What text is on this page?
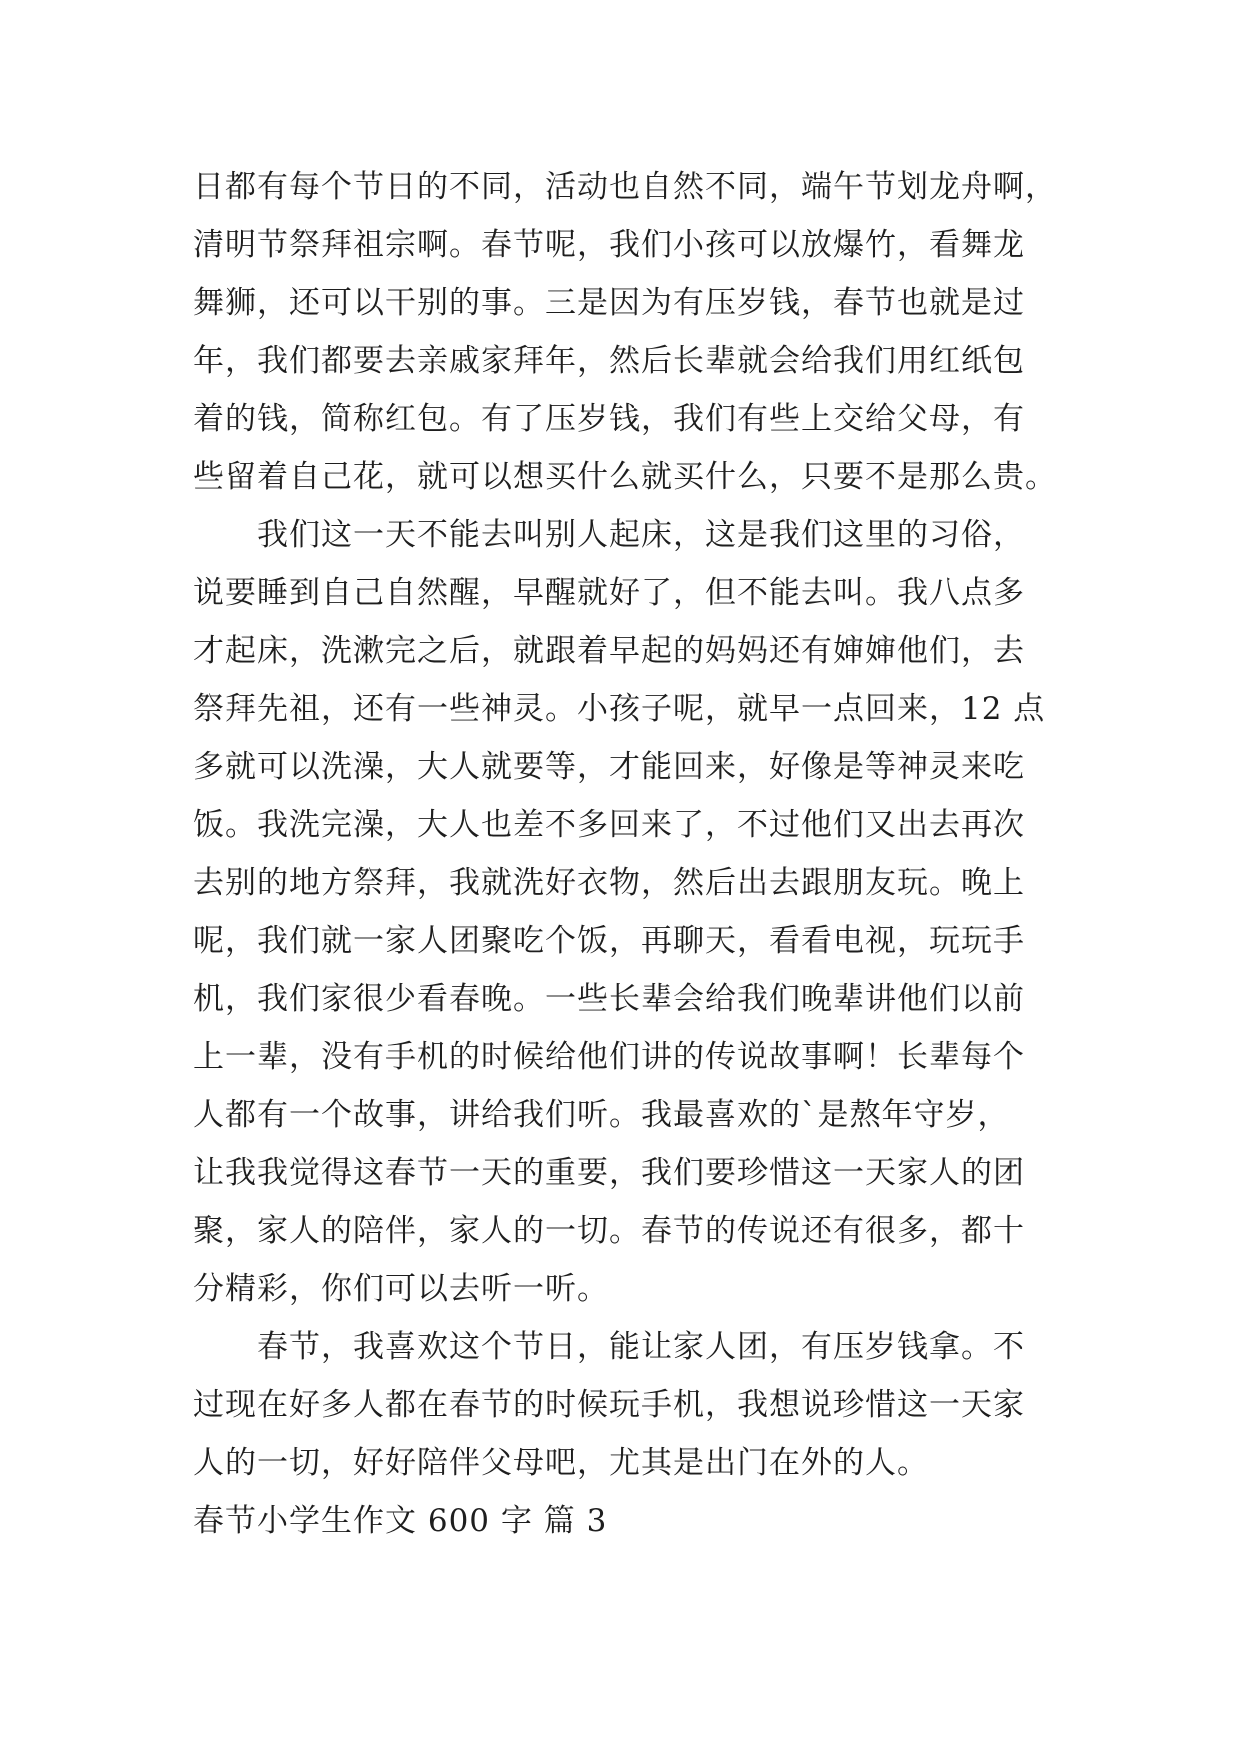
日都有每个节日的不同，活动也自然不同，端午节划龙舟啊，
清明节祭拜祖宗啊。春节呢，我们小孩可以放爆竹，看舞龙
舞狮，还可以干别的事。三是因为有压岁钱，春节也就是过
年，我们都要去亲戚家拜年，然后长辈就会给我们用红纸包
着的钱，简称红包。有了压岁钱，我们有些上交给父母，有
些留着自己花，就可以想买什么就买什么，只要不是那么贵。
　　我们这一天不能去叫别人起床，这是我们这里的习俗，
说要睡到自己自然醒，早醒就好了，但不能去叫。我八点多
才起床，洗漱完之后，就跟着早起的妈妈还有婶婶他们，去
祭拜先祖，还有一些神灵。小孩子呢，就早一点回来，12 点
多就可以洗澡，大人就要等，才能回来，好像是等神灵来吃
饭。我洗完澡，大人也差不多回来了，不过他们又出去再次
去别的地方祭拜，我就洗好衣物，然后出去跟朋友玩。晚上
呢，我们就一家人团聚吃个饭，再聊天，看看电视，玩玩手
机，我们家很少看春晚。一些长辈会给我们晚辈讲他们以前
上一辈，没有手机的时候给他们讲的传说故事啊！长辈每个
人都有一个故事，讲给我们听。我最喜欢的`是熬年守岁，
让我我觉得这春节一天的重要，我们要珍惜这一天家人的团
聚，家人的陪伴，家人的一切。春节的传说还有很多，都十
分精彩，你们可以去听一听。
　　春节，我喜欢这个节日，能让家人团，有压岁钱拿。不
过现在好多人都在春节的时候玩手机，我想说珍惜这一天家
人的一切，好好陪伴父母吧，尤其是出门在外的人。
春节小学生作文 600 字 篇 3
